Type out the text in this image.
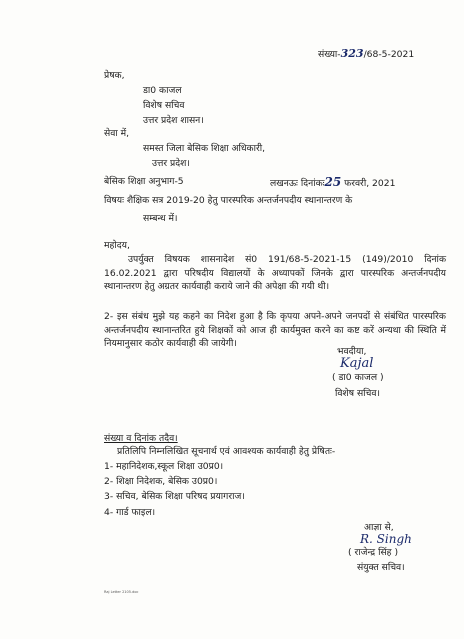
संख्या-323/68-5-2021
प्रेषक,
डा0 काजल
विशेष सचिव
उत्तर प्रदेश शासन।
सेवा में,
समस्त जिला बेसिक शिक्षा अधिकारी,
उत्तर प्रदेश।
बेसिक शिक्षा अनुभाग-5	लखनऊः दिनांकः25 फरवरी, 2021
विषयः शैक्षिक सत्र 2019-20 हेतु पारस्परिक अन्तर्जनपदीय स्थानान्तरण के
सम्बन्ध में।
महोदय,
उपर्युक्त विषयक शासनादेश सं0 191/68-5-2021-15 (149)/2010 दिनांक 16.02.2021 द्वारा परिषदीय विद्यालयों के अध्यापकों जिनके द्वारा पारस्परिक अन्तर्जनपदीय स्थानान्तरण हेतु अग्रतर कार्यवाही कराये जाने की अपेक्षा की गयी थी।
2- इस संबंध मुझे यह कहने का निदेश हुआ है कि कृपया अपने-अपने जनपदों से संबंधित पारस्परिक अन्तर्जनपदीय स्थानान्तरित हुये शिक्षकों को आज ही कार्यमुक्त करने का कष्ट करें अन्यथा की स्थिति में नियमानुसार कठोर कार्यवाही की जायेगी।
भवदीया,
Kajal
( डा0 काजल )
विशेष सचिव।
संख्या व दिनांक तदैव।
प्रतिलिपि निम्नलिखित सूचनार्थ एवं आवश्यक कार्यवाही हेतु प्रेषितः-
1- महानिदेशक,स्कूल शिक्षा उ0प्र0।
2- शिक्षा निदेशक, बेसिक उ0प्र0।
3- सचिव, बेसिक शिक्षा परिषद प्रयागराज।
4- गार्ड फाइल।
आज्ञा से,
R. Singh
( राजेन्द्र सिंह )
संयुक्त सचिव।
Raj Letter 2105.doc
